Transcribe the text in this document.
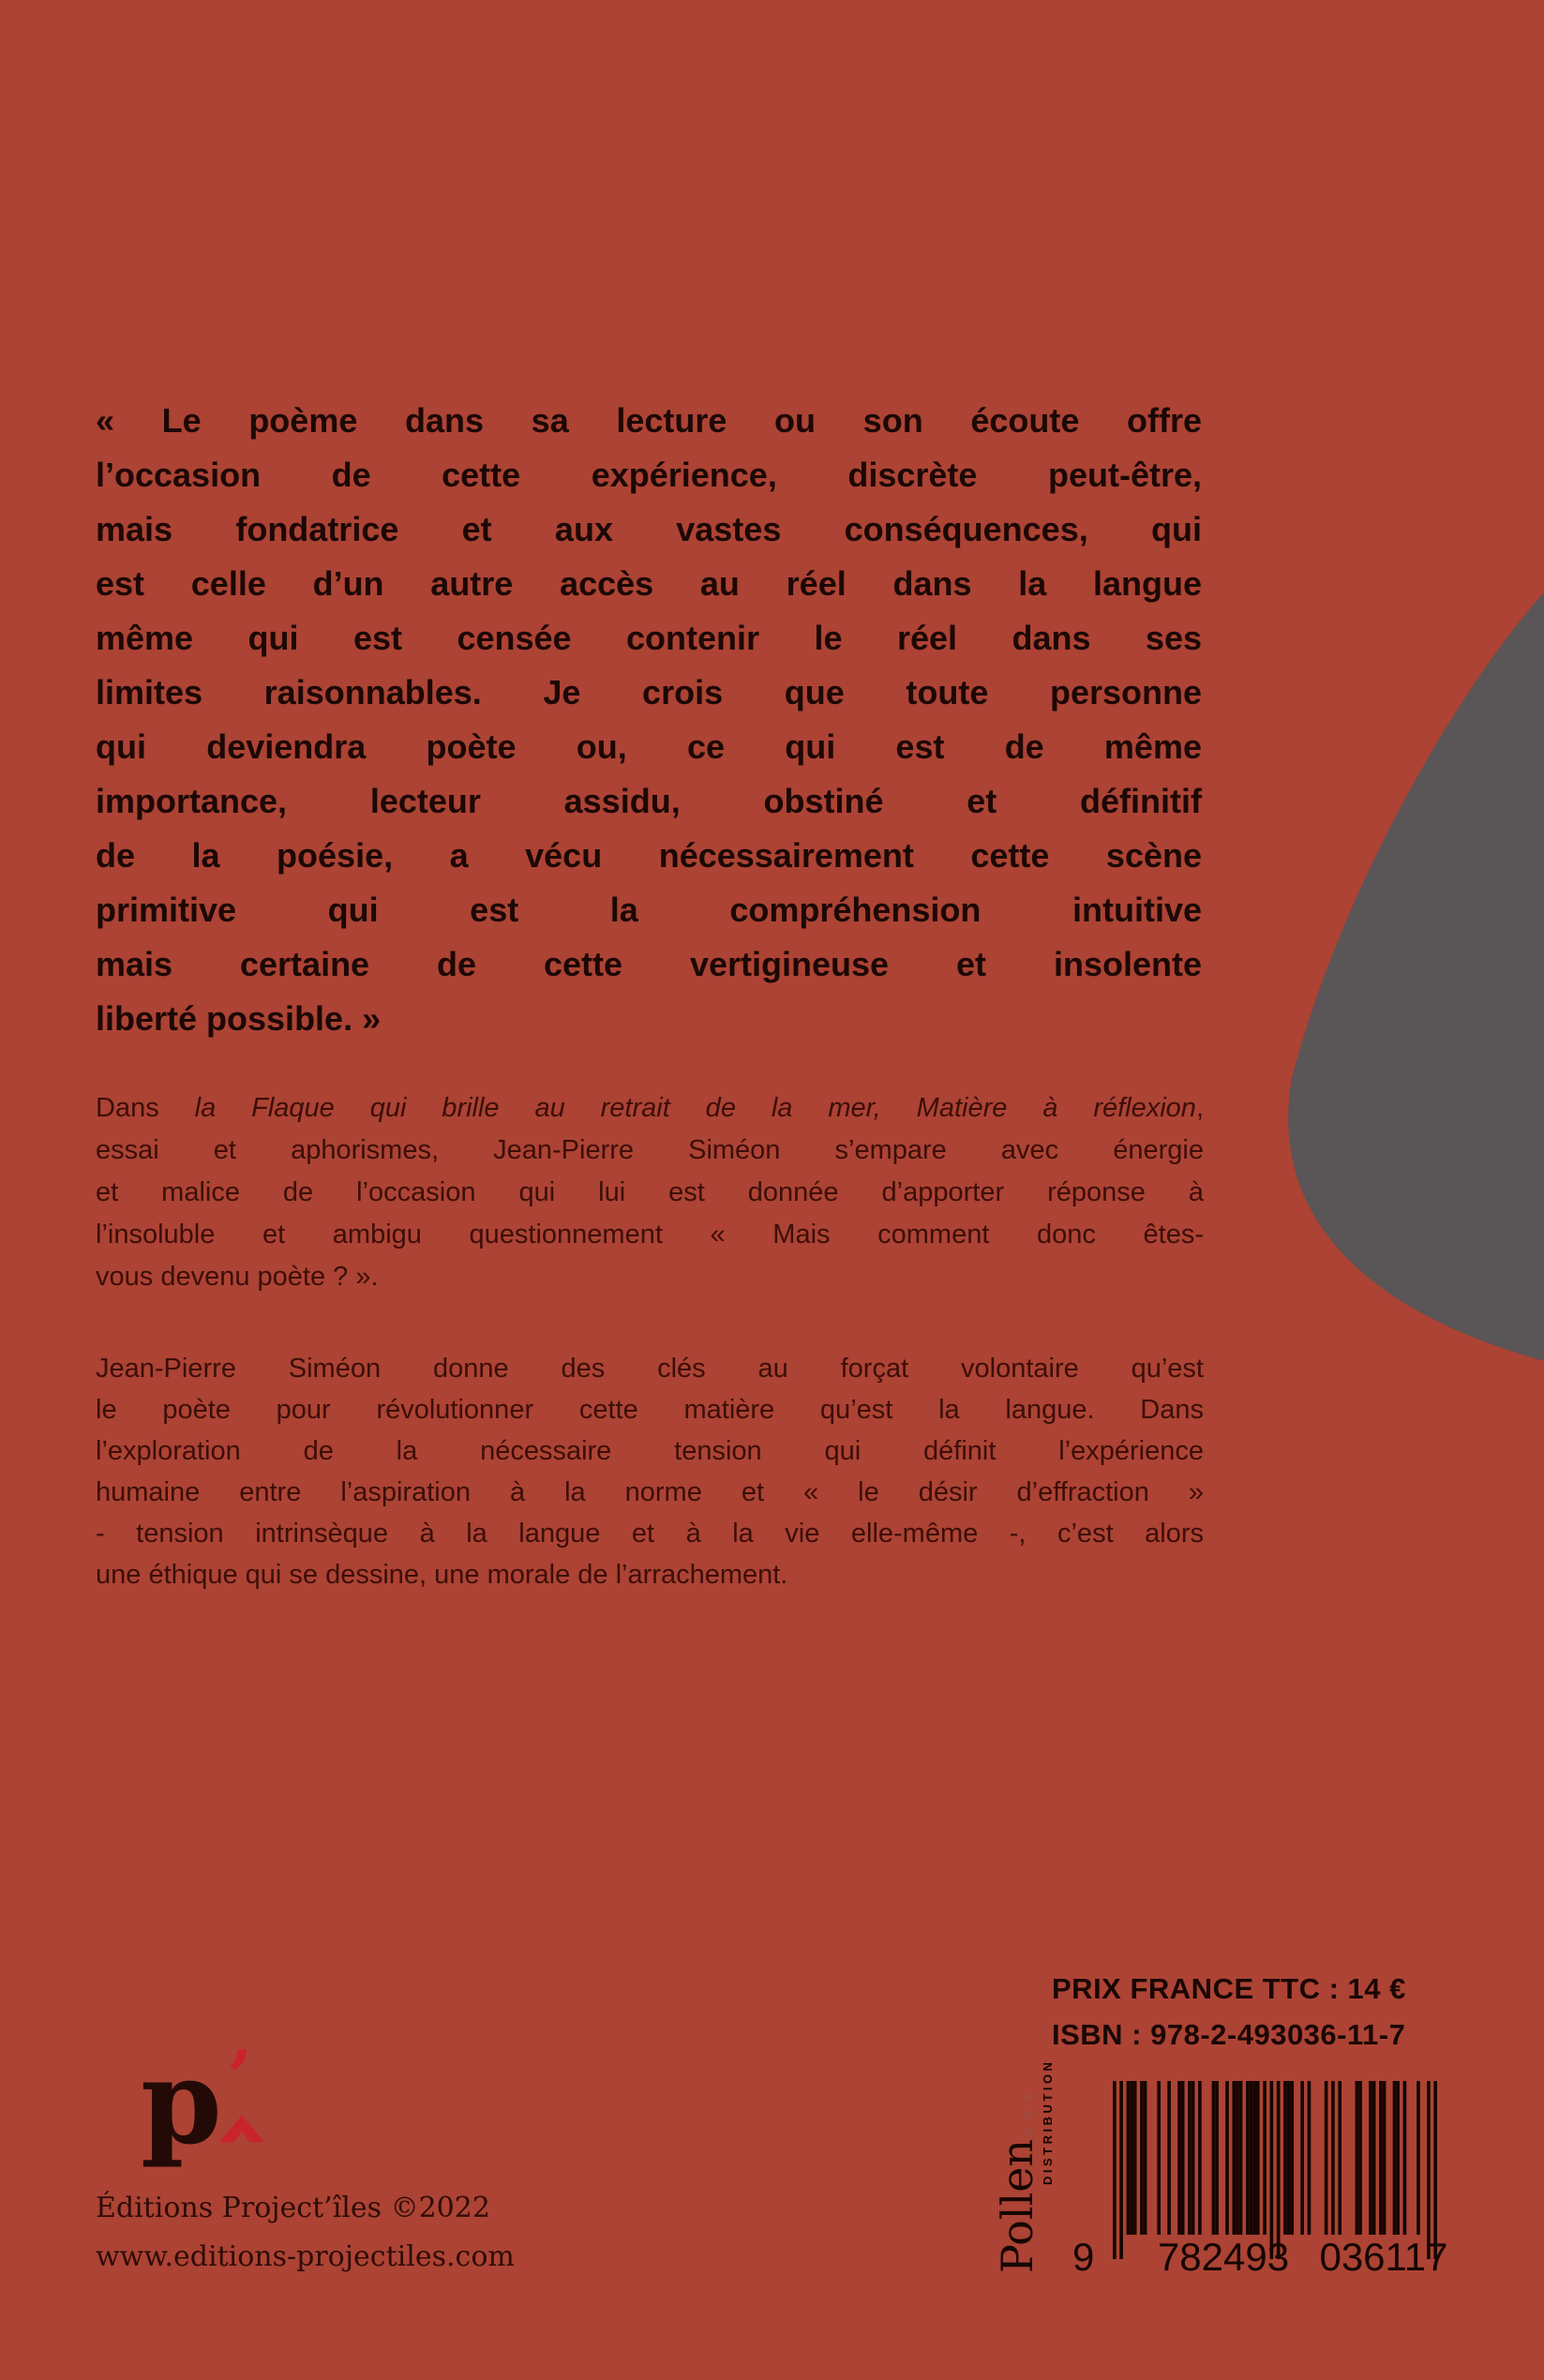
« Le poème dans sa lecture ou son écoute offre
l’occasion de cette expérience, discrète peut-être,
mais fondatrice et aux vastes conséquences, qui
est celle d’un autre accès au réel dans la langue
même qui est censée contenir le réel dans ses
limites raisonnables. Je crois que toute personne
qui deviendra poète ou, ce qui est de même
importance, lecteur assidu, obstiné et définitif
de la poésie, a vécu nécessairement cette scène
primitive qui est la compréhension intuitive
mais certaine de cette vertigineuse et insolente
liberté possible. »
Dans la Flaque qui brille au retrait de la mer, Matière à réflexion,
essai et aphorismes, Jean-Pierre Siméon s’empare avec énergie
et malice de l’occasion qui lui est donnée d’apporter réponse à
l’insoluble et ambigu questionnement « Mais comment donc êtes-
vous devenu poète ? ».
Jean-Pierre Siméon donne des clés au forçat volontaire qu’est
le poète pour révolutionner cette matière qu’est la langue. Dans
l’exploration de la nécessaire tension qui définit l’expérience
humaine entre l’aspiration à la norme et « le désir d’effraction »
- tension intrinsèque à la langue et à la vie elle-même -, c’est alors
une éthique qui se dessine, une morale de l’arrachement.
PRIX FRANCE TTC : 14 €
ISBN : 978-2-493036-11-7
Pollen...
DISTRIBUTION
9	782493 036117
p ’
Éditions Project’îles ©2022
www.editions-projectiles.com
